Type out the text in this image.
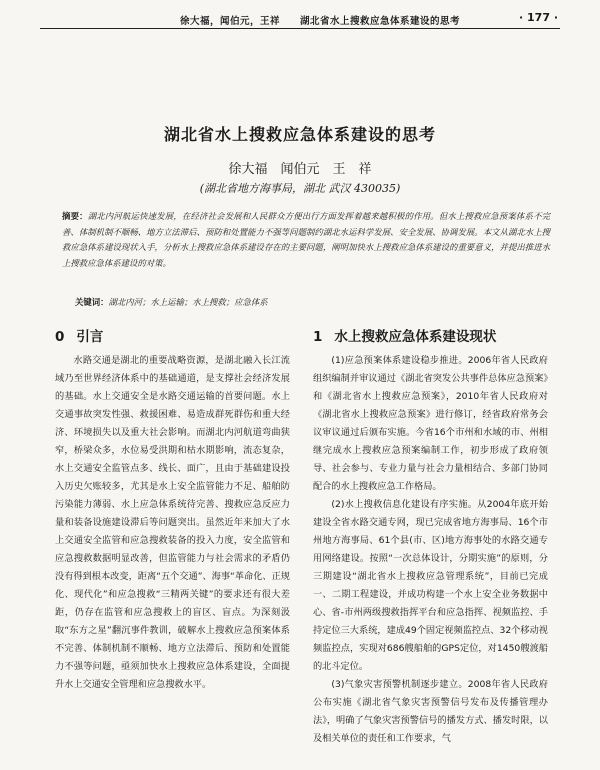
徐大福，闻伯元，王祥　　湖北省水上搜救应急体系建设的思考	· 177 ·
湖北省水上搜救应急体系建设的思考
徐大福　闻伯元　王　祥
(湖北省地方海事局，湖北 武汉 430035)
摘要：湖北内河航运快速发展，在经济社会发展和人民群众方便出行方面发挥着越来越积极的作用。但水上搜救应急预案体系不完善、体制机制不顺畅、地方立法滞后、预防和处置能力不强等问题制约湖北水运科学发展、安全发展、协调发展。本文从湖北水上搜救应急体系建设现状入手，分析水上搜救应急体系建设存在的主要问题，阐明加快水上搜救应急体系建设的重要意义，并提出推进水上搜救应急体系建设的对策。
关键词：湖北内河；水上运输；水上搜救；应急体系
0 引言	1 水上搜救应急体系建设现状

水路交通是湖北的重要战略资源，是湖北融入长江流域乃至世界经济体系中的基础通道，是支撑社会经济发展的基础。水上交通安全是水路交通运输的首要问题。水上交通事故突发性强、救援困难、易造成群死群伤和重大经济、环境损失以及重大社会影响。而湖北内河航道弯曲狭窄，桥梁众多，水位易受洪期和枯水期影响，流态复杂，水上交通安全监管点多、线长、面广，且由于基础建设投入历史欠账较多，尤其是水上安全监管能力不足、船舶防污染能力薄弱、水上应急体系统待完善、搜救应急反应力量和装备设施建设滞后等问题突出。虽然近年来加大了水上交通安全监管和应急搜救装备的投入力度，安全监管和应急搜救数据明显改善，但监管能力与社会需求的矛盾仍没有得到根本改变，距离“五个交通”、海事“革命化、正规化、现代化”和应急搜救“三精两关键”的要求还有很大差距，仍存在监管和应急搜救上的盲区、盲点。为深刻汲取“东方之星”翻沉事件教训，破解水上搜救应急预案体系不完善、体制机制不顺畅、地方立法滞后、预防和处置能力不强等问题，亟须加快水上搜救应急体系建设，全面提升水上交通安全管理和应急搜救水平。

(1)应急预案体系建设稳步推进。2006年省人民政府组织编制并审议通过《湖北省突发公共事件总体应急预案》和《湖北省水上搜救应急预案》，2010年省人民政府对《湖北省水上搜救应急预案》进行修订，经省政府常务会议审议通过后颁布实施。今省16个市州和水域的市、州相继完成水上搜救应急预案编制工作，初步形成了政府领导、社会参与、专业力量与社会力量相结合、多部门协同配合的水上搜救应急工作格局。

(2)水上搜救信息化建设有序实施。从2004年底开始建设全省水路交通专网，现已完成省地方海事局、16个市州地方海事局、61个县(市、区)地方海事处的水路交通专用网络建设。按照“一次总体设计，分期实施”的原则，分三期建设“湖北省水上搜救应急管理系统”，目前已完成一、二期工程建设，并成功构建一个水上安全业务数据中心、省-市州两级搜救指挥平台和应急指挥、视频监控、手持定位三大系统，建成49个固定视频监控点、32个移动视频监控点，实现对686艘船舶的GPS定位，对1450艘渡船的北斗定位。

(3)气象灾害预警机制逐步建立。2008年省人民政府公布实施《湖北省气象灾害预警信号发布及传播管理办法》，明确了气象灾害预警信号的播发方式、播发时限，以及相关单位的责任和工作要求，气
